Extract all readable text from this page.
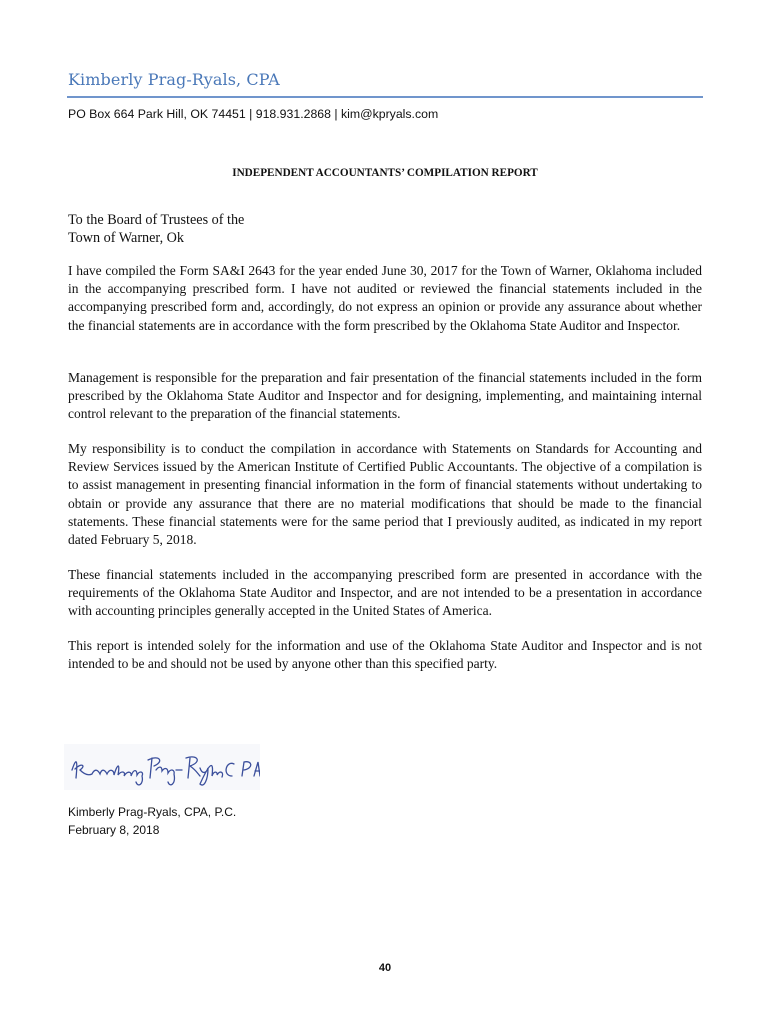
Kimberly Prag-Ryals, CPA
PO Box 664 Park Hill, OK 74451 | 918.931.2868 | kim@kpryals.com
INDEPENDENT ACCOUNTANTS’ COMPILATION REPORT
To the Board of Trustees of the
Town of Warner, Ok

I have compiled the Form SA&I 2643 for the year ended June 30, 2017 for the Town of Warner, Oklahoma included in the accompanying prescribed form. I have not audited or reviewed the financial statements included in the accompanying prescribed form and, accordingly, do not express an opinion or provide any assurance about whether the financial statements are in accordance with the form prescribed by the Oklahoma State Auditor and Inspector.

Management is responsible for the preparation and fair presentation of the financial statements included in the form prescribed by the Oklahoma State Auditor and Inspector and for designing, implementing, and maintaining internal control relevant to the preparation of the financial statements.

My responsibility is to conduct the compilation in accordance with Statements on Standards for Accounting and Review Services issued by the American Institute of Certified Public Accountants. The objective of a compilation is to assist management in presenting financial information in the form of financial statements without undertaking to obtain or provide any assurance that there are no material modifications that should be made to the financial statements. These financial statements were for the same period that I previously audited, as indicated in my report dated February 5, 2018.

These financial statements included in the accompanying prescribed form are presented in accordance with the requirements of the Oklahoma State Auditor and Inspector, and are not intended to be a presentation in accordance with accounting principles generally accepted in the United States of America.

This report is intended solely for the information and use of the Oklahoma State Auditor and Inspector and is not intended to be and should not be used by anyone other than this specified party.

Kimberly Prag-Ryals, CPA, P.C.
February 8, 2018
40
